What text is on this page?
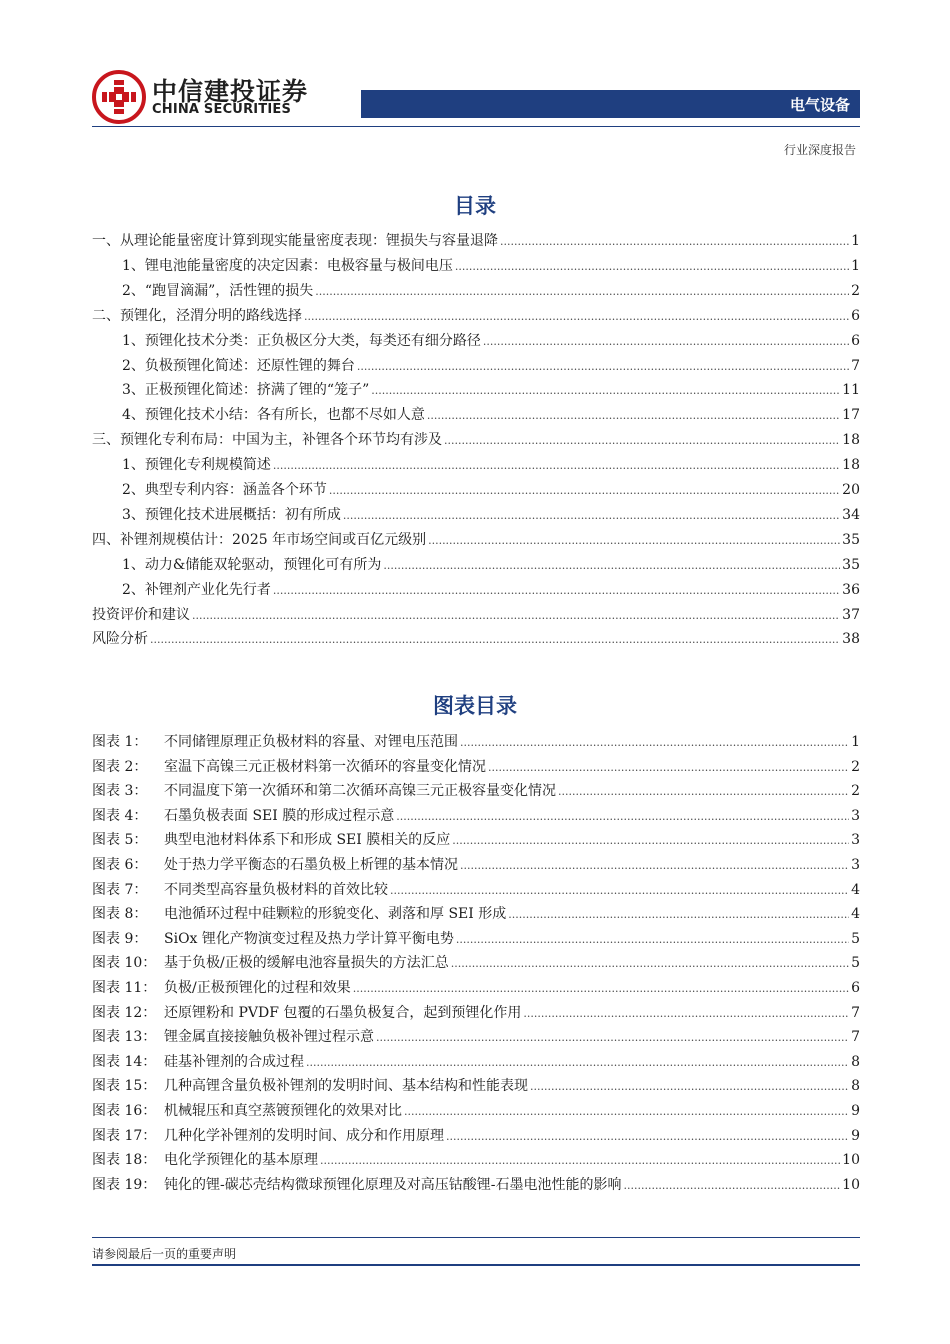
中信建投证券
CHINA SECURITIES	电气设备
行业深度报告
目录
一、从理论能量密度计算到现实能量密度表现：锂损失与容量退降 .....	1
1、锂电池能量密度的决定因素：电极容量与极间电压 .....	1
2、“跑冒滴漏”，活性锂的损失 .....	2
二、预锂化，泾渭分明的路线选择 .....	6
1、预锂化技术分类：正负极区分大类，每类还有细分路径 .....	6
2、负极预锂化简述：还原性锂的舞台 .....	7
3、正极预锂化简述：挤满了锂的“笼子” .....	11
4、预锂化技术小结：各有所长，也都不尽如人意 .....	17
三、预锂化专利布局：中国为主，补锂各个环节均有涉及 .....	18
1、预锂化专利规模简述 .....	18
2、典型专利内容：涵盖各个环节 .....	20
3、预锂化技术进展概括：初有所成 .....	34
四、补锂剂规模估计：2025 年市场空间或百亿元级别 .....	35
1、动力&储能双轮驱动，预锂化可有所为 .....	35
2、补锂剂产业化先行者 .....	36
投资评价和建议 .....	37
风险分析 .....	38
图表目录
图表 1：	不同储锂原理正负极材料的容量、对锂电压范围 .....	1
图表 2：	室温下高镍三元正极材料第一次循环的容量变化情况 .....	2
图表 3：	不同温度下第一次循环和第二次循环高镍三元正极容量变化情况 .....	2
图表 4：	石墨负极表面 SEI 膜的形成过程示意 .....	3
图表 5：	典型电池材料体系下和形成 SEI 膜相关的反应 .....	3
图表 6：	处于热力学平衡态的石墨负极上析锂的基本情况 .....	3
图表 7：	不同类型高容量负极材料的首效比较 .....	4
图表 8：	电池循环过程中硅颗粒的形貌变化、剥落和厚 SEI 形成 .....	4
图表 9：	SiOx 锂化产物演变过程及热力学计算平衡电势 .....	5
图表 10： 基于负极/正极的缓解电池容量损失的方法汇总 .....	5
图表 11： 负极/正极预锂化的过程和效果 .....	6
图表 12： 还原锂粉和 PVDF 包覆的石墨负极复合，起到预锂化作用 .....	7
图表 13： 锂金属直接接触负极补锂过程示意 .....	7
图表 14： 硅基补锂剂的合成过程 .....	8
图表 15： 几种高锂含量负极补锂剂的发明时间、基本结构和性能表现 .....	8
图表 16： 机械辊压和真空蒸镀预锂化的效果对比 .....	9
图表 17： 几种化学补锂剂的发明时间、成分和作用原理 .....	9
图表 18： 电化学预锂化的基本原理 .....	10
图表 19： 钝化的锂-碳芯壳结构微球预锂化原理及对高压钴酸锂-石墨电池性能的影响 .....	10
请参阅最后一页的重要声明
